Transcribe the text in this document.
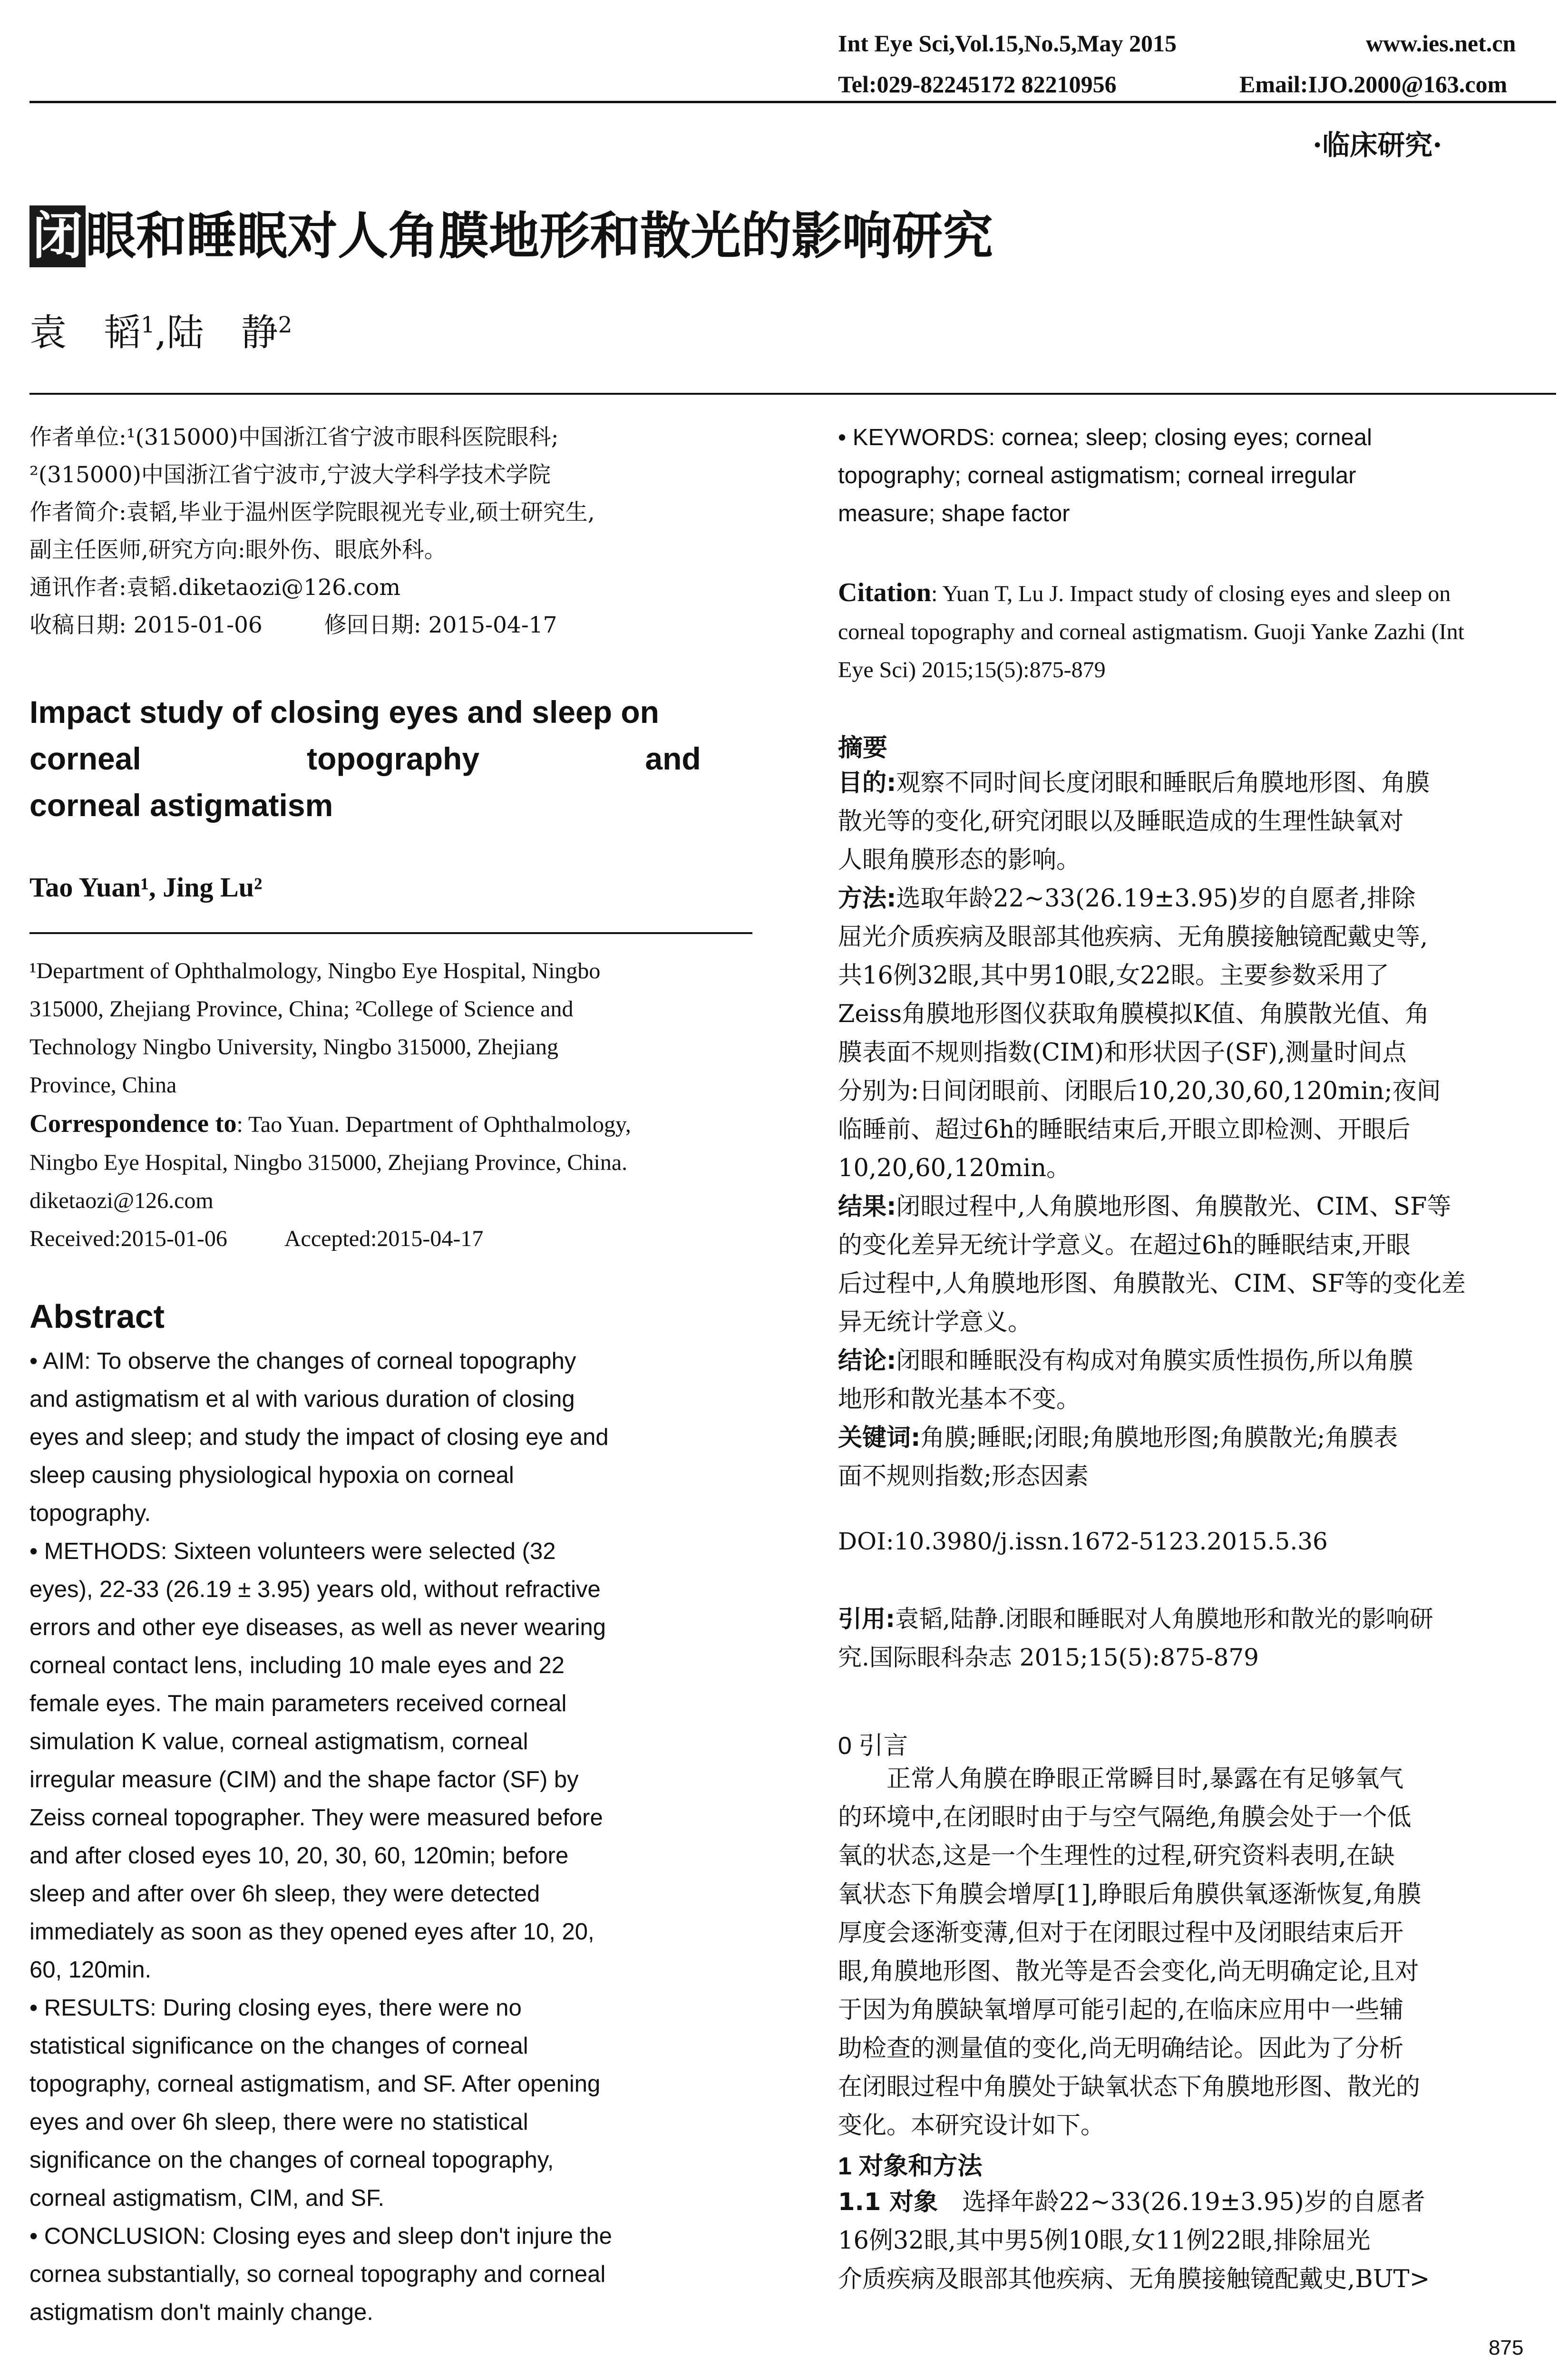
Int Eye Sci,Vol.15,No.5,May 2015	www.ies.net.cn
Tel:029-82245172 82210956	Email:IJO.2000@163.com
·临床研究·
闭眼和睡眠对人角膜地形和散光的影响研究
袁　韬$^1$,陆　静$^2$
作者单位:¹(315000)中国浙江省宁波市眼科医院眼科;
²(315000)中国浙江省宁波市,宁波大学科学技术学院
作者简介:袁韬,毕业于温州医学院眼视光专业,硕士研究生,
副主任医师,研究方向:眼外伤、眼底外科。
通讯作者:袁韬.diketaozi@126.com
收稿日期: 2015-01-06	修回日期: 2015-04-17
Impact study of closing eyes and sleep on
corneal topography and
corneal astigmatism
Tao Yuan¹, Jing Lu²
¹Department of Ophthalmology, Ningbo Eye Hospital, Ningbo
315000, Zhejiang Province, China; ²College of Science and
Technology Ningbo University, Ningbo 315000, Zhejiang
Province, China
Correspondence to: Tao Yuan. Department of Ophthalmology,
Ningbo Eye Hospital, Ningbo 315000, Zhejiang Province, China.
diketaozi@126.com
Received:2015-01-06	Accepted:2015-04-17
Abstract
• AIM: To observe the changes of corneal topography
and astigmatism et al with various duration of closing
eyes and sleep; and study the impact of closing eye and
sleep causing physiological hypoxia on corneal
topography.
• METHODS: Sixteen volunteers were selected (32
eyes), 22-33 (26.19 ± 3.95) years old, without refractive
errors and other eye diseases, as well as never wearing
corneal contact lens, including 10 male eyes and 22
female eyes. The main parameters received corneal
simulation K value, corneal astigmatism, corneal
irregular measure (CIM) and the shape factor (SF) by
Zeiss corneal topographer. They were measured before
and after closed eyes 10, 20, 30, 60, 120min; before
sleep and after over 6h sleep, they were detected
immediately as soon as they opened eyes after 10, 20,
60, 120min.
• RESULTS: During closing eyes, there were no
statistical significance on the changes of corneal
topography, corneal astigmatism, and SF. After opening
eyes and over 6h sleep, there were no statistical
significance on the changes of corneal topography,
corneal astigmatism, CIM, and SF.
• CONCLUSION: Closing eyes and sleep don't injure the
cornea substantially, so corneal topography and corneal
astigmatism don't mainly change.
• KEYWORDS: cornea; sleep; closing eyes; corneal
topography; corneal astigmatism; corneal irregular
measure; shape factor
Citation: Yuan T, Lu J. Impact study of closing eyes and sleep on
corneal topography and corneal astigmatism. Guoji Yanke Zazhi (Int
Eye Sci) 2015;15(5):875-879
摘要
目的:观察不同时间长度闭眼和睡眠后角膜地形图、角膜
散光等的变化,研究闭眼以及睡眠造成的生理性缺氧对
人眼角膜形态的影响。
方法:选取年龄22~33(26.19±3.95)岁的自愿者,排除
屈光介质疾病及眼部其他疾病、无角膜接触镜配戴史等,
共16例32眼,其中男10眼,女22眼。主要参数采用了
Zeiss角膜地形图仪获取角膜模拟K值、角膜散光值、角
膜表面不规则指数(CIM)和形状因子(SF),测量时间点
分别为:日间闭眼前、闭眼后10,20,30,60,120min;夜间
临睡前、超过6h的睡眠结束后,开眼立即检测、开眼后
10,20,60,120min。
结果:闭眼过程中,人角膜地形图、角膜散光、CIM、SF等
的变化差异无统计学意义。在超过6h的睡眠结束,开眼
后过程中,人角膜地形图、角膜散光、CIM、SF等的变化差
异无统计学意义。
结论:闭眼和睡眠没有构成对角膜实质性损伤,所以角膜
地形和散光基本不变。
关键词:角膜;睡眠;闭眼;角膜地形图;角膜散光;角膜表
面不规则指数;形态因素
DOI:10.3980/j.issn.1672-5123.2015.5.36
引用:袁韬,陆静.闭眼和睡眠对人角膜地形和散光的影响研
究.国际眼科杂志 2015;15(5):875-879
0 引言
　　正常人角膜在睁眼正常瞬目时,暴露在有足够氧气
的环境中,在闭眼时由于与空气隔绝,角膜会处于一个低
氧的状态,这是一个生理性的过程,研究资料表明,在缺
氧状态下角膜会增厚[1],睁眼后角膜供氧逐渐恢复,角膜
厚度会逐渐变薄,但对于在闭眼过程中及闭眼结束后开
眼,角膜地形图、散光等是否会变化,尚无明确定论,且对
于因为角膜缺氧增厚可能引起的,在临床应用中一些辅
助检查的测量值的变化,尚无明确结论。因此为了分析
在闭眼过程中角膜处于缺氧状态下角膜地形图、散光的
变化。本研究设计如下。
1 对象和方法
1.1 对象　选择年龄22~33(26.19±3.95)岁的自愿者
16例32眼,其中男5例10眼,女11例22眼,排除屈光
介质疾病及眼部其他疾病、无角膜接触镜配戴史,BUT>
875
